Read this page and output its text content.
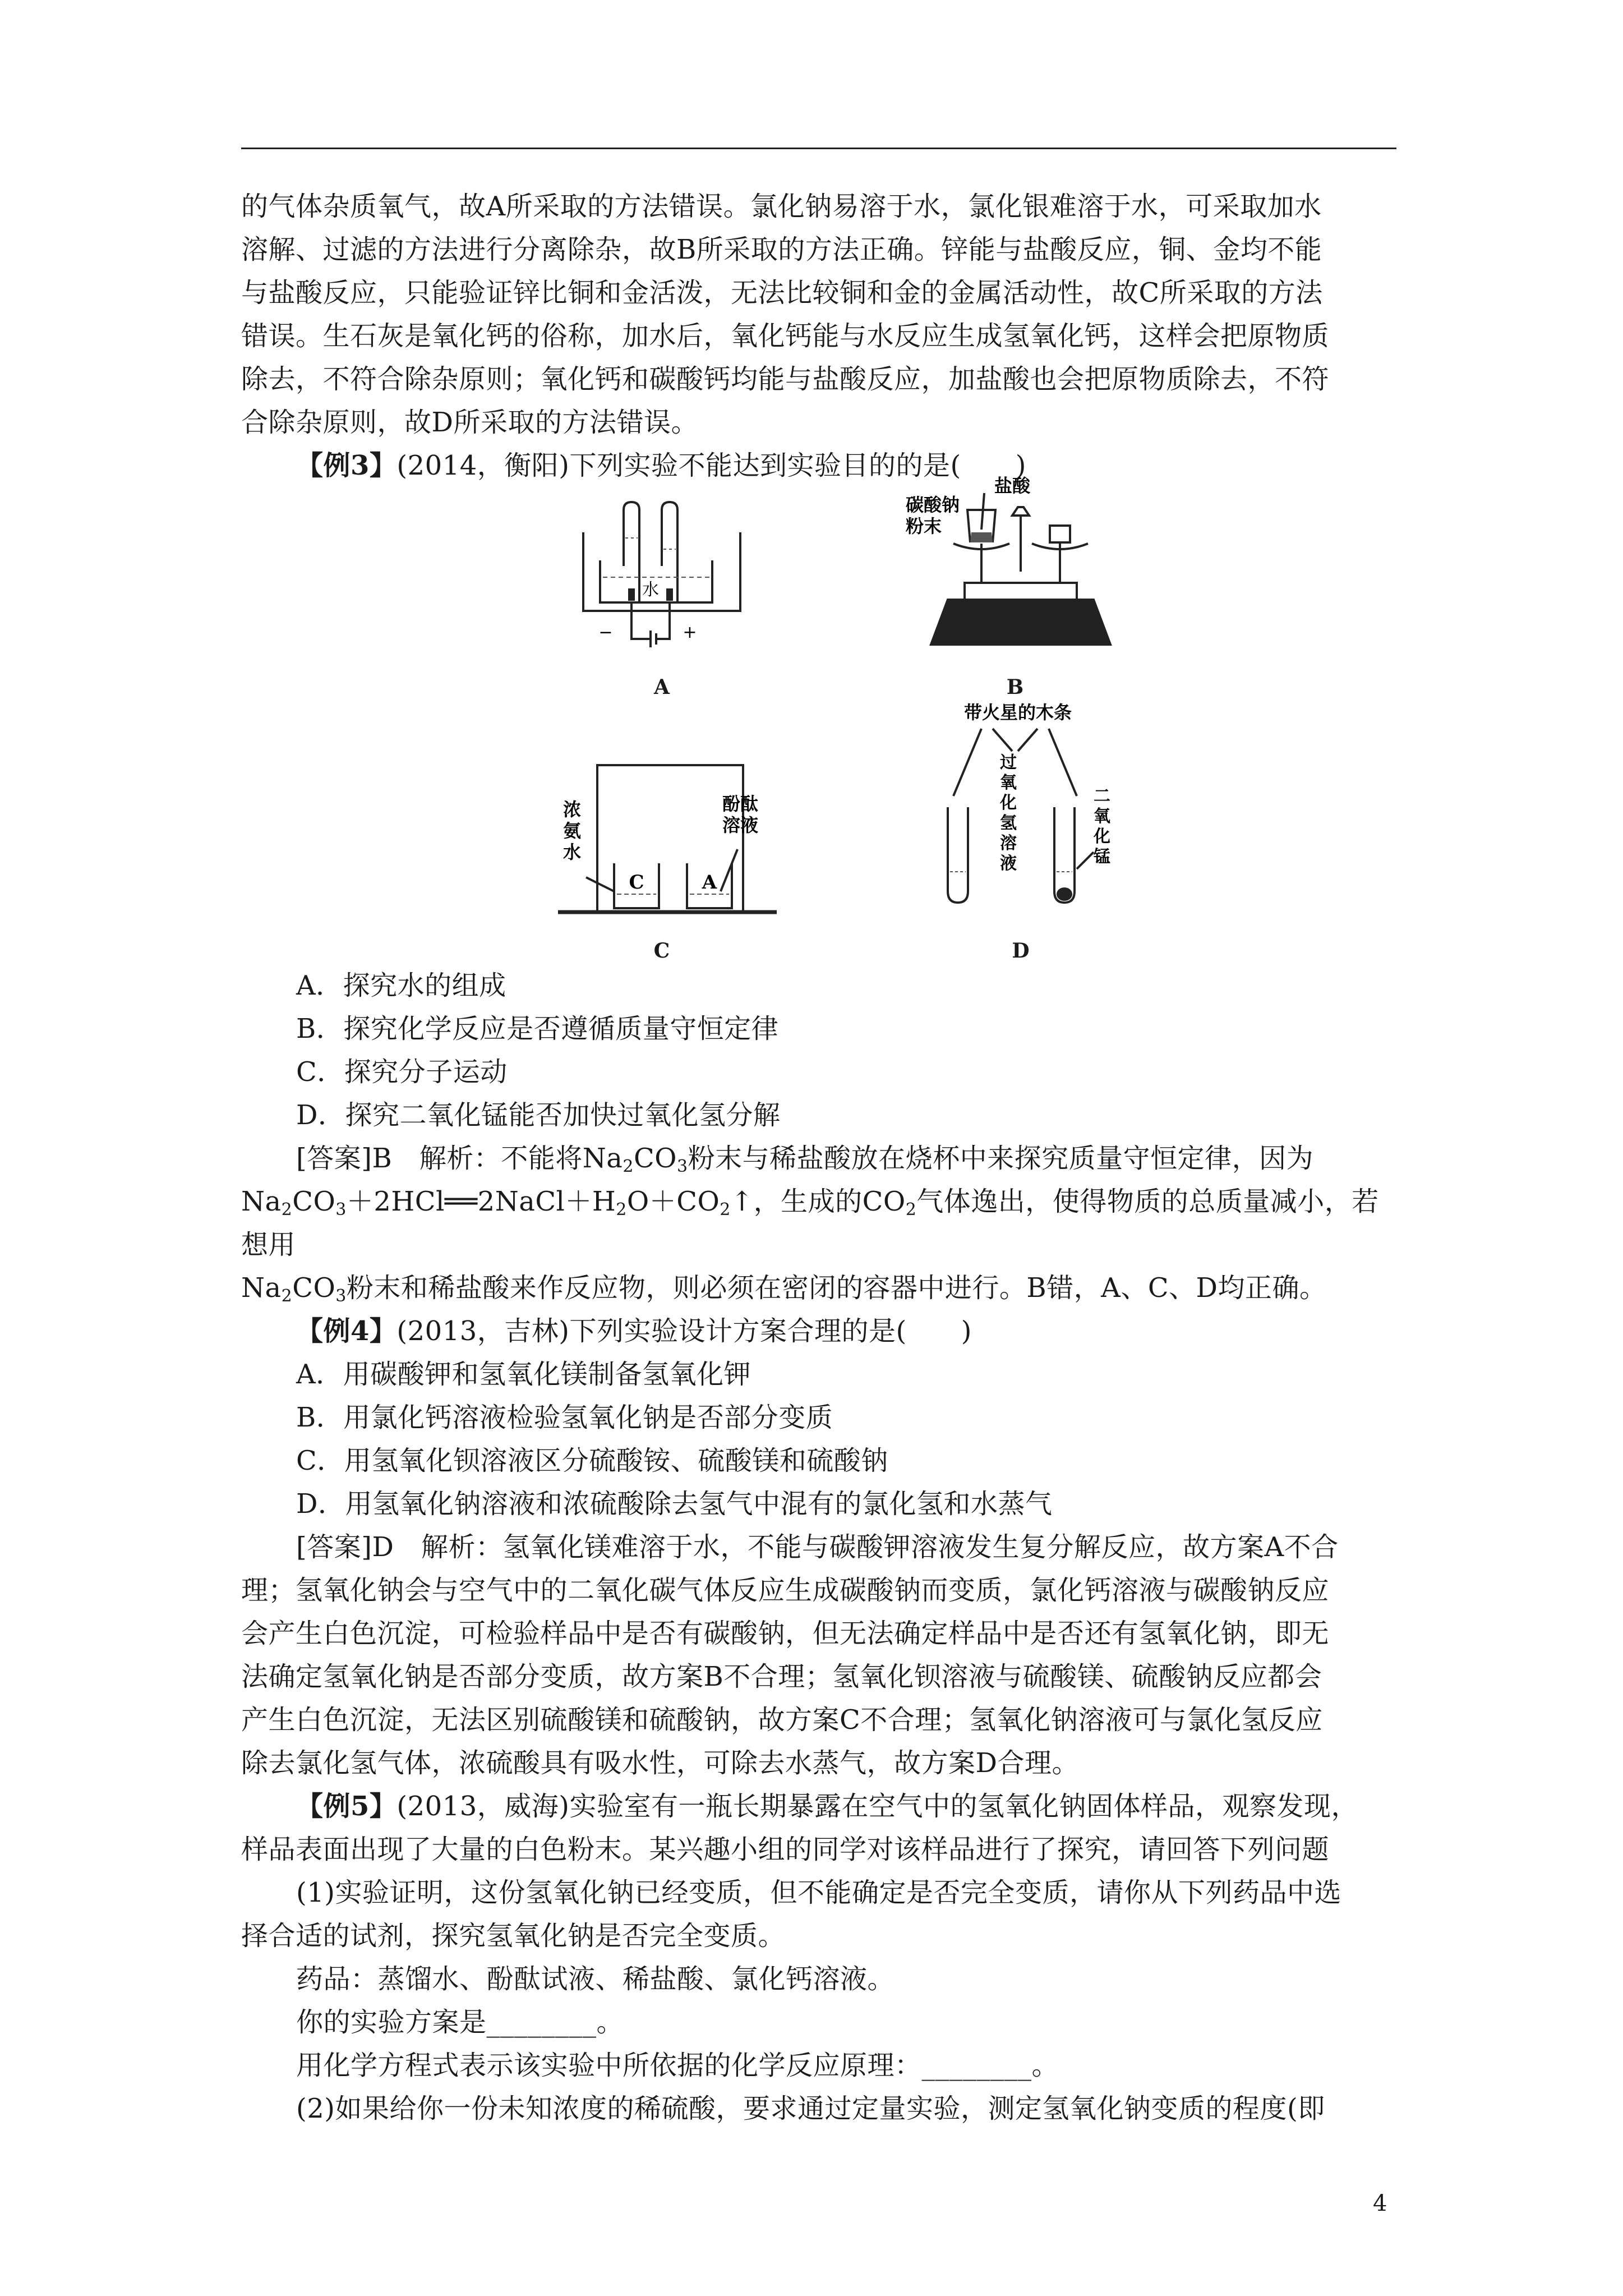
的气体杂质氧气，故A所采取的方法错误。氯化钠易溶于水，氯化银难溶于水，可采取加水

溶解、过滤的方法进行分离除杂，故B所采取的方法正确。锌能与盐酸反应，铜、金均不能

与盐酸反应，只能验证锌比铜和金活泼，无法比较铜和金的金属活动性，故C所采取的方法

错误。生石灰是氧化钙的俗称，加水后，氧化钙能与水反应生成氢氧化钙，这样会把原物质

除去，不符合除杂原则；氧化钙和碳酸钙均能与盐酸反应，加盐酸也会把原物质除去，不符

合除杂原则，故D所采取的方法错误。

【例3】(2014，衡阳)下列实验不能达到实验目的的是(　　)

水
−	+
A
盐酸
碳酸钠
粉末
B
C	A
浓
氨
水
酚酞
溶液
C
带火星的木条
过
氧
化
氢
溶
液
二
氧
化
锰
D

A．探究水的组成

B．探究化学反应是否遵循质量守恒定律

C．探究分子运动

D．探究二氧化锰能否加快过氧化氢分解

[答案]B　解析：不能将$Na_2CO_3$粉末与稀盐酸放在烧杯中来探究质量守恒定律，因为

$Na_2CO_3+2HCl══2NaCl+H_2O+CO_2↑$，生成的$CO_2$气体逸出，使得物质的总质量减小，若想用

$Na_2CO_3$粉末和稀盐酸来作反应物，则必须在密闭的容器中进行。B错，A、C、D均正确。

【例4】(2013，吉林)下列实验设计方案合理的是(　　)

A．用碳酸钾和氢氧化镁制备氢氧化钾

B．用氯化钙溶液检验氢氧化钠是否部分变质

C．用氢氧化钡溶液区分硫酸铵、硫酸镁和硫酸钠

D．用氢氧化钠溶液和浓硫酸除去氢气中混有的氯化氢和水蒸气

[答案]D　解析：氢氧化镁难溶于水，不能与碳酸钾溶液发生复分解反应，故方案A不合

理；氢氧化钠会与空气中的二氧化碳气体反应生成碳酸钠而变质，氯化钙溶液与碳酸钠反应

会产生白色沉淀，可检验样品中是否有碳酸钠，但无法确定样品中是否还有氢氧化钠，即无

法确定氢氧化钠是否部分变质，故方案B不合理；氢氧化钡溶液与硫酸镁、硫酸钠反应都会

产生白色沉淀，无法区别硫酸镁和硫酸钠，故方案C不合理；氢氧化钠溶液可与氯化氢反应

除去氯化氢气体，浓硫酸具有吸水性，可除去水蒸气，故方案D合理。

【例5】(2013，威海)实验室有一瓶长期暴露在空气中的氢氧化钠固体样品，观察发现，

样品表面出现了大量的白色粉末。某兴趣小组的同学对该样品进行了探究，请回答下列问题

(1)实验证明，这份氢氧化钠已经变质，但不能确定是否完全变质，请你从下列药品中选

择合适的试剂，探究氢氧化钠是否完全变质。

药品：蒸馏水、酚酞试液、稀盐酸、氯化钙溶液。

你的实验方案是________。

用化学方程式表示该实验中所依据的化学反应原理：________。

(2)如果给你一份未知浓度的稀硫酸，要求通过定量实验，测定氢氧化钠变质的程度(即

4
